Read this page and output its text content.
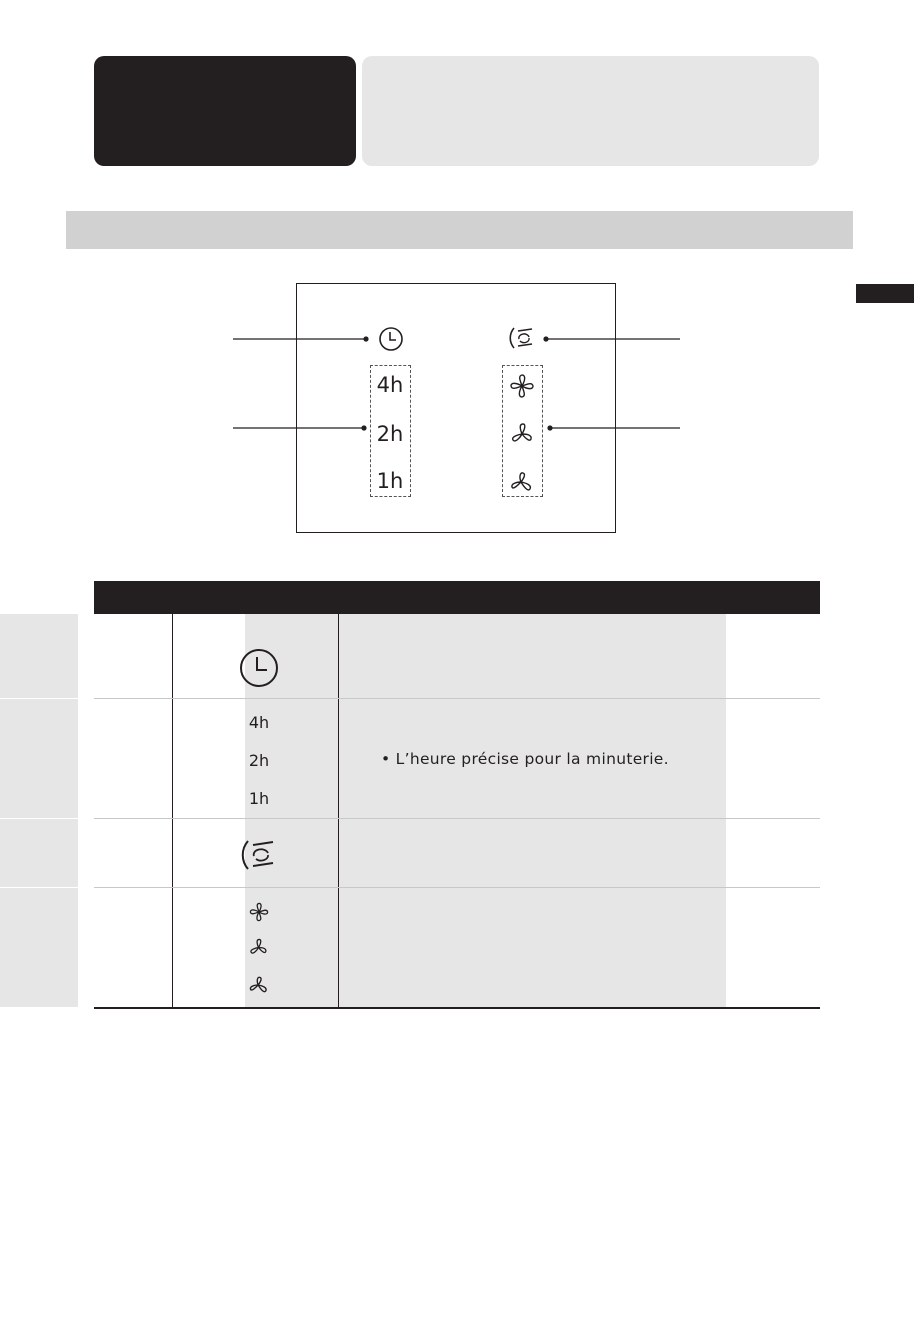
4h
2h
1h
4h
2h
1h
• L’heure précise pour la minuterie.
